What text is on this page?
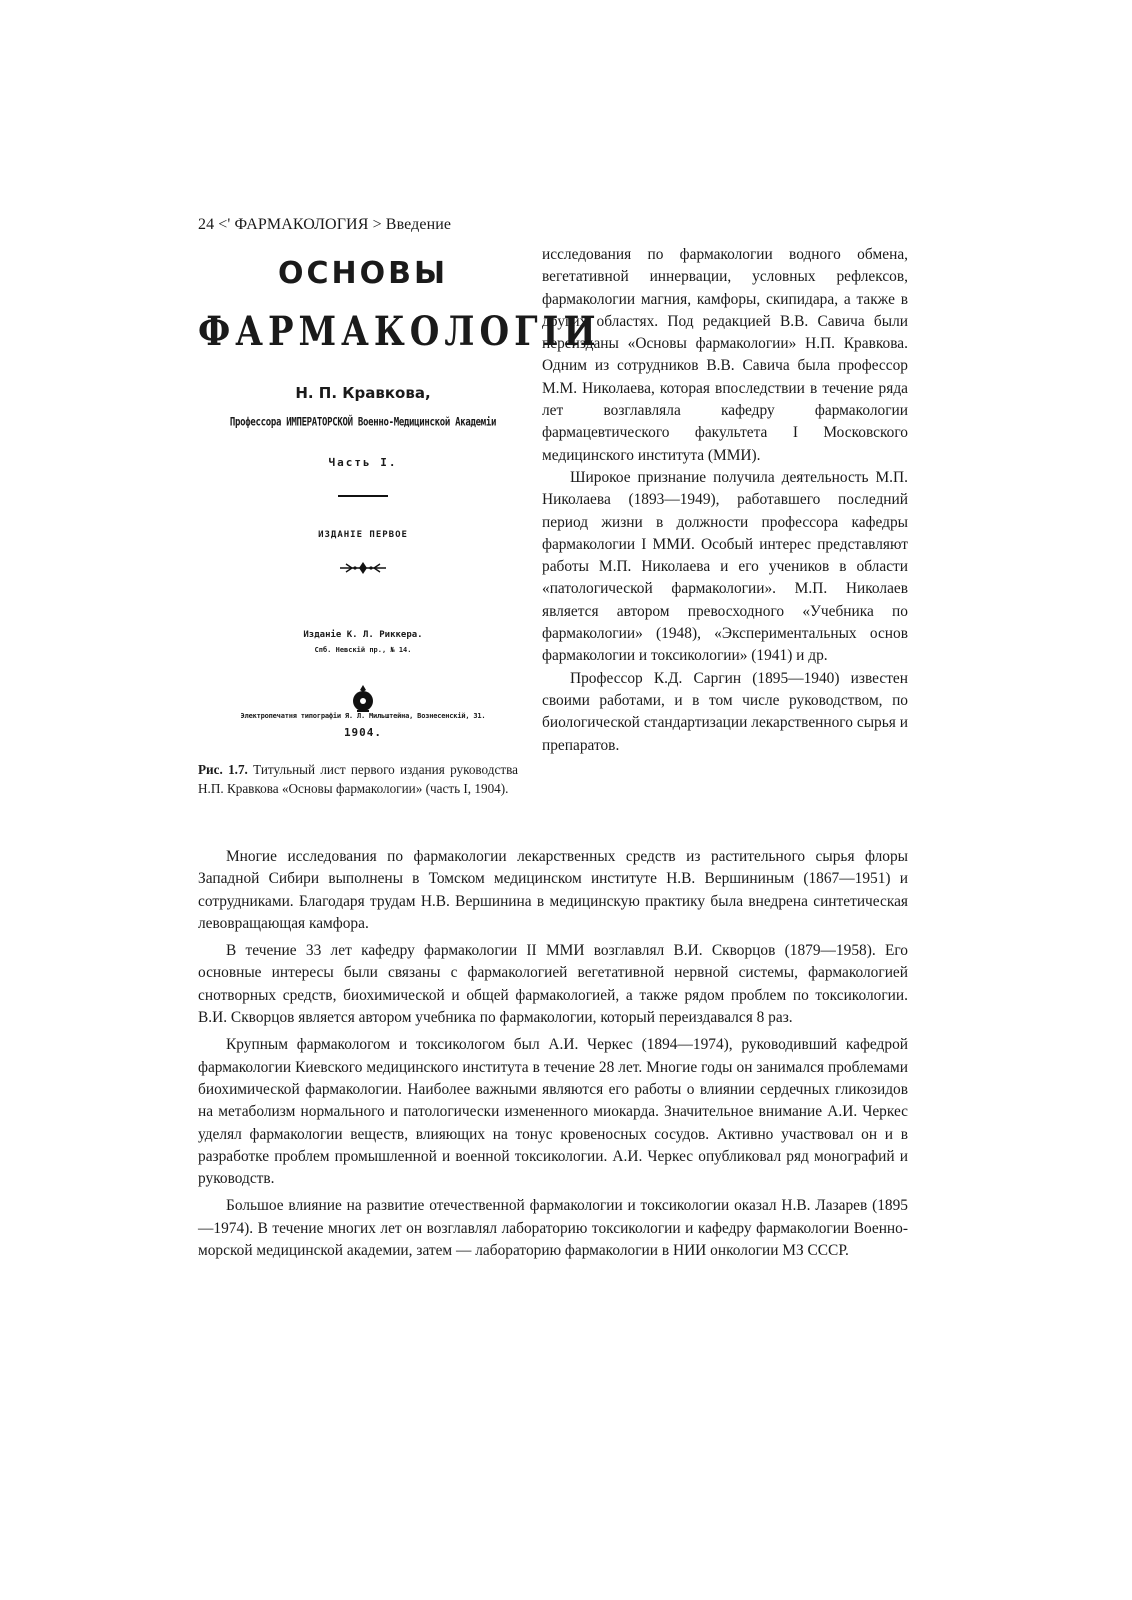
24 <' ФАРМАКОЛОГИЯ > Введение
ОСНОВЫ
ФАРМАКОЛОГIИ
Н. П. Кравкова,
Профессора ИМПЕРАТОРСКОЙ Военно-Медицинской Академiи
Часть I.
ИЗДАНIЕ ПЕРВОЕ
Изданiе К. Л. Риккера.
Спб. Невскiй пр., № 14.
Электропечатня типографiи Я. Л. Мильштейна, Вознесенскiй, 31.
1904.
Рис. 1.7. Титульный лист первого издания руководства Н.П. Кравкова «Основы фармакологии» (часть I, 1904).

исследования по фармакологии водного обмена, вегетативной иннервации, условных рефлексов, фармакологии магния, камфоры, скипидара, а также в других областях. Под редакцией В.В. Савича были переизданы «Основы фармакологии» Н.П. Кравкова. Одним из сотрудников В.В. Савича была профессор М.М. Николаева, которая впоследствии в течение ряда лет возглавляла кафедру фармакологии фармацевтического факультета I Московского медицинского института (ММИ).

Широкое признание получила деятельность М.П. Николаева (1893—1949), работавшего последний период жизни в должности профессора кафедры фармакологии I ММИ. Особый интерес представляют работы М.П. Николаева и его учеников в области «патологической фармакологии». М.П. Николаев является автором превосходного «Учебника по фармакологии» (1948), «Экспериментальных основ фармакологии и токсикологии» (1941) и др.

Профессор К.Д. Саргин (1895—1940) известен своими работами, и в том числе руководством, по биологической стандартизации лекарственного сырья и препаратов.

Многие исследования по фармакологии лекарственных средств из растительного сырья флоры Западной Сибири выполнены в Томском медицинском институте Н.В. Вершининым (1867—1951) и сотрудниками. Благодаря трудам Н.В. Вершинина в медицинскую практику была внедрена синтетическая левовращающая камфора.

В течение 33 лет кафедру фармакологии II ММИ возглавлял В.И. Скворцов (1879—1958). Его основные интересы были связаны с фармакологией вегетативной нервной системы, фармакологией снотворных средств, биохимической и общей фармакологией, а также рядом проблем по токсикологии. В.И. Скворцов является автором учебника по фармакологии, который переиздавался 8 раз.

Крупным фармакологом и токсикологом был А.И. Черкес (1894—1974), руководивший кафедрой фармакологии Киевского медицинского института в течение 28 лет. Многие годы он занимался проблемами биохимической фармакологии. Наиболее важными являются его работы о влиянии сердечных гликозидов на метаболизм нормального и патологически измененного миокарда. Значительное внимание А.И. Черкес уделял фармакологии веществ, влияющих на тонус кровеносных сосудов. Активно участвовал он и в разработке проблем промышленной и военной токсикологии. А.И. Черкес опубликовал ряд монографий и руководств.

Большое влияние на развитие отечественной фармакологии и токсикологии оказал Н.В. Лазарев (1895—1974). В течение многих лет он возглавлял лабораторию токсикологии и кафедру фармакологии Военно-морской медицинской академии, затем — лабораторию фармакологии в НИИ онкологии МЗ СССР.
